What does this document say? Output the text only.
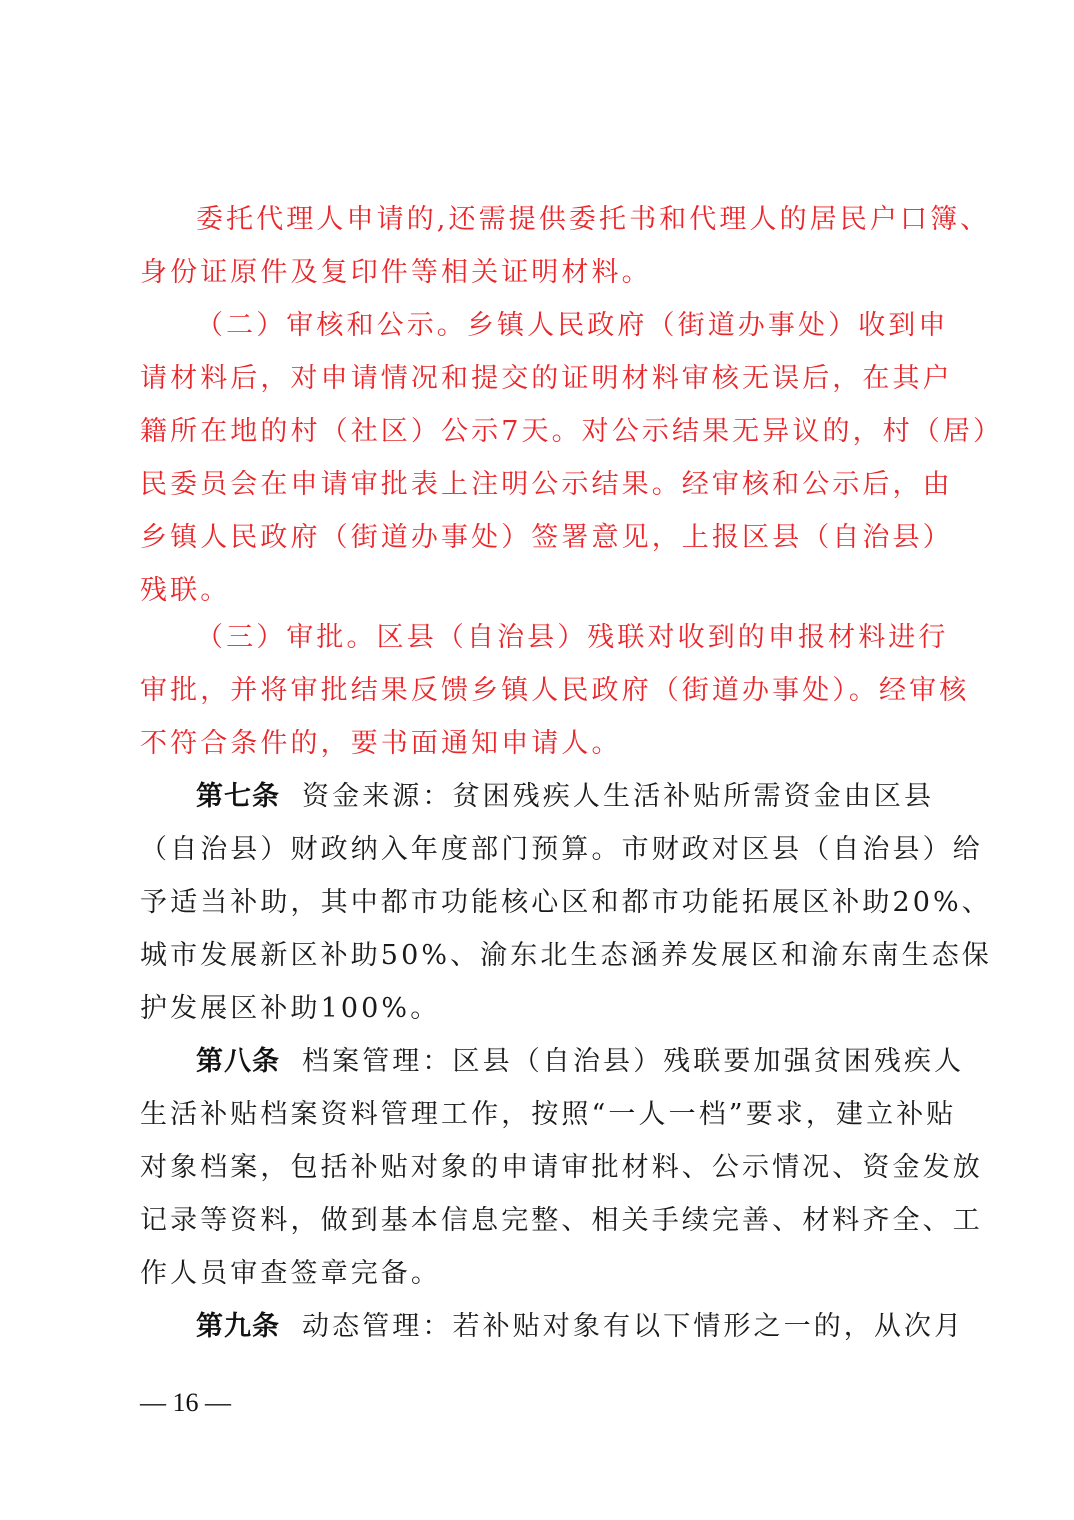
委托代理人申请的,还需提供委托书和代理人的居民户口簿、
身份证原件及复印件等相关证明材料。
（二）审核和公示。乡镇人民政府（街道办事处）收到申
请材料后，对申请情况和提交的证明材料审核无误后，在其户
籍所在地的村（社区）公示7天。对公示结果无异议的，村（居）
民委员会在申请审批表上注明公示结果。经审核和公示后，由
乡镇人民政府（街道办事处）签署意见，上报区县（自治县）
残联。
（三）审批。区县（自治县）残联对收到的申报材料进行
审批，并将审批结果反馈乡镇人民政府（街道办事处）。经审核
不符合条件的，要书面通知申请人。
第七条 资金来源：贫困残疾人生活补贴所需资金由区县
（自治县）财政纳入年度部门预算。市财政对区县（自治县）给
予适当补助，其中都市功能核心区和都市功能拓展区补助20%、
城市发展新区补助50%、渝东北生态涵养发展区和渝东南生态保
护发展区补助100%。
第八条 档案管理：区县（自治县）残联要加强贫困残疾人
生活补贴档案资料管理工作，按照“一人一档”要求，建立补贴
对象档案，包括补贴对象的申请审批材料、公示情况、资金发放
记录等资料，做到基本信息完整、相关手续完善、材料齐全、工
作人员审查签章完备。
第九条 动态管理：若补贴对象有以下情形之一的，从次月
— 16 —
